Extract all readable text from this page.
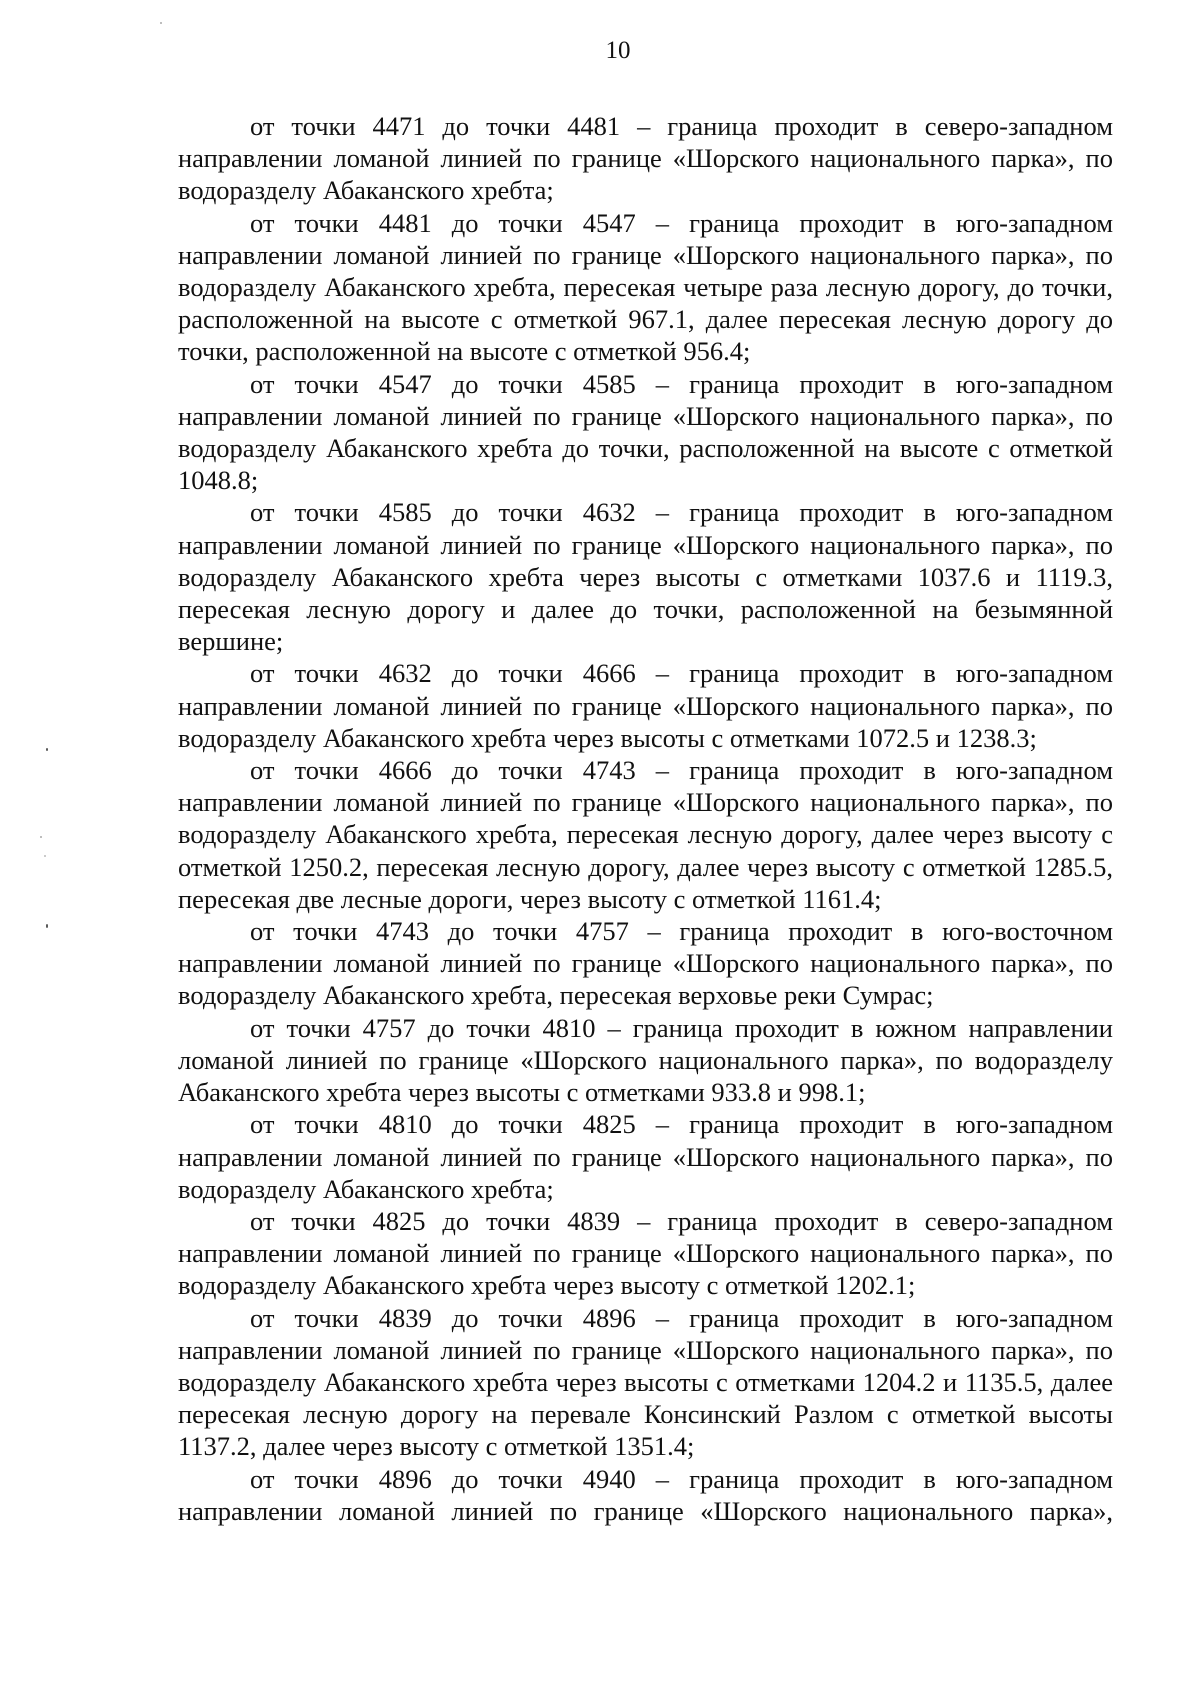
10

от точки 4471 до точки 4481 – граница проходит в северо-западном направлении ломаной линией по границе «Шорского национального парка», по водоразделу Абаканского хребта;

от точки 4481 до точки 4547 – граница проходит в юго-западном направлении ломаной линией по границе «Шорского национального парка», по водоразделу Абаканского хребта, пересекая четыре раза лесную дорогу, до точки, расположенной на высоте с отметкой 967.1, далее пересекая лесную дорогу до точки, расположенной на высоте с отметкой 956.4;

от точки 4547 до точки 4585 – граница проходит в юго-западном направлении ломаной линией по границе «Шорского национального парка», по водоразделу Абаканского хребта до точки, расположенной на высоте с отметкой 1048.8;

от точки 4585 до точки 4632 – граница проходит в юго-западном направлении ломаной линией по границе «Шорского национального парка», по водоразделу Абаканского хребта через высоты с отметками 1037.6 и 1119.3, пересекая лесную дорогу и далее до точки, расположенной на безымянной вершине;

от точки 4632 до точки 4666 – граница проходит в юго-западном направлении ломаной линией по границе «Шорского национального парка», по водоразделу Абаканского хребта через высоты с отметками 1072.5 и 1238.3;

от точки 4666 до точки 4743 – граница проходит в юго-западном направлении ломаной линией по границе «Шорского национального парка», по водоразделу Абаканского хребта, пересекая лесную дорогу, далее через высоту с отметкой 1250.2, пересекая лесную дорогу, далее через высоту с отметкой 1285.5, пересекая две лесные дороги, через высоту с отметкой 1161.4;

от точки 4743 до точки 4757 – граница проходит в юго-восточном направлении ломаной линией по границе «Шорского национального парка», по водоразделу Абаканского хребта, пересекая верховье реки Сумрас;

от точки 4757 до точки 4810 – граница проходит в южном направлении ломаной линией по границе «Шорского национального парка», по водоразделу Абаканского хребта через высоты с отметками 933.8 и 998.1;

от точки 4810 до точки 4825 – граница проходит в юго-западном направлении ломаной линией по границе «Шорского национального парка», по водоразделу Абаканского хребта;

от точки 4825 до точки 4839 – граница проходит в северо-западном направлении ломаной линией по границе «Шорского национального парка», по водоразделу Абаканского хребта через высоту с отметкой 1202.1;

от точки 4839 до точки 4896 – граница проходит в юго-западном направлении ломаной линией по границе «Шорского национального парка», по водоразделу Абаканского хребта через высоты с отметками 1204.2 и 1135.5, далее пересекая лесную дорогу на перевале Консинский Разлом с отметкой высоты 1137.2, далее через высоту с отметкой 1351.4;

от точки 4896 до точки 4940 – граница проходит в юго-западном направлении ломаной линией по границе «Шорского национального парка»,
